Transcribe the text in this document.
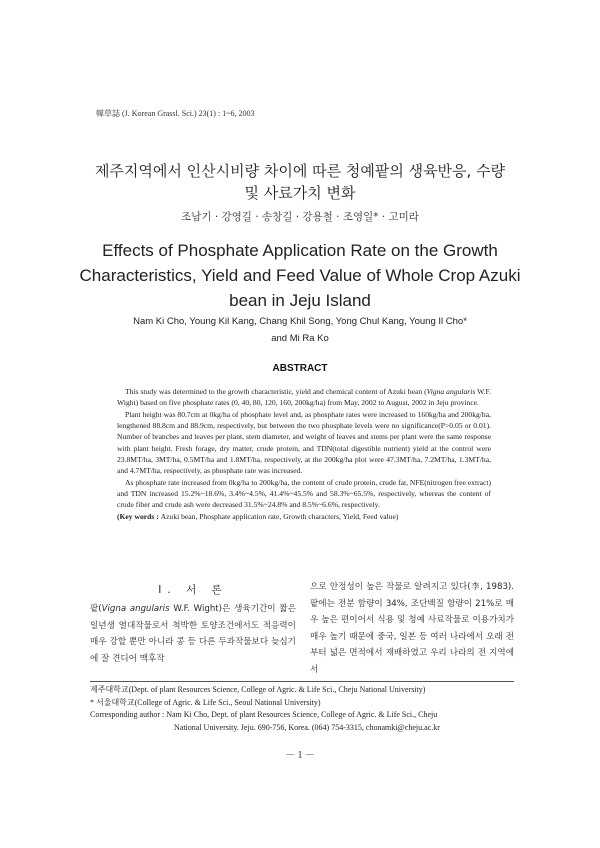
韓草誌 (J. Korean Grassl. Sci.) 23(1) : 1~6, 2003
제주지역에서 인산시비량 차이에 따른 청예팥의 생육반응, 수량 및 사료가치 변화
조남기 · 강영길 · 송창길 · 강용철 · 조영일* · 고미라
Effects of Phosphate Application Rate on the Growth
Characteristics, Yield and Feed Value of Whole Crop Azuki
bean in Jeju Island
Nam Ki Cho, Young Kil Kang, Chang Khil Song, Yong Chul Kang, Young Il Cho*
and Mi Ra Ko
ABSTRACT

This study was determined to the growth characteristic, yield and chemical content of Azuki bean (Vigna angularis W.F. Wight) based on five phosphate rates (0, 40, 80, 120, 160, 200kg/ha) from May, 2002 to August, 2002 in Jeju province.

Plant height was 80.7cm at 0kg/ha of phosphate level and, as phosphate rates were increased to 160kg/ha and 200kg/ha, lengthened 88.8cm and 88.9cm, respectively, but between the two phosphate levels were no significance(P>0.05 or 0.01). Number of branches and leaves per plant, stem diameter, and weight of leaves and stems per plant were the same response with plant height. Fresh forage, dry matter, crude protein, and TDN(total digestible nutrient) yield at the control were 23.8MT/ha, 3MT/ha, 0.5MT/ha and 1.8MT/ha, respectively, at the 200kg/ha plot were 47.3MT/ha, 7.2MT/ha, 1.3MT/ha, and 4.7MT/ha, respectively, as phosphate rate was increased.

As phosphate rate increased from 0kg/ha to 200kg/ha, the content of crude protein, crude fat, NFE(nitrogen free extract) and TDN increased 15.2%~18.6%, 3.4%~4.5%, 41.4%~45.5% and 58.3%~65.5%, respectively, whereas the content of crude fiber and crude ash were decreased 31.5%~24.8% and 8.5%~6.6%, respectively.

(Key words : Azuki bean, Phosphate application rate, Growth characters, Yield, Feed value)

Ⅰ. 서 론

팥(Vigna angularis W.F. Wight)은 생육기간이 짧은 일년생 열대작물로서 척박한 토양조건에서도 적응력이 매우 강할 뿐만 아니라 콩 등 다른 두과작물보다 늦심기에 잘 견디어 맥후작

으로 안정성이 높은 작물로 알려지고 있다(李, 1983). 팥에는 전분 함량이 34%, 조단백질 함량이 21%로 매우 높은 편이어서 식용 및 청예 사료작물로 이용가치가 매우 높기 때문에 중국, 일본 등 여러 나라에서 오래 전부터 넓은 면적에서 재배하였고 우리 나라의 전 지역에서

제주대학교(Dept. of plant Resources Science, College of Agric. & Life Sci., Cheju National University)
* 서울대학교(College of Agric. & Life Sci., Seoul National University)
Corresponding author : Nam Ki Cho, Dept. of plant Resources Science, College of Agric. & Life Sci., Cheju
National University. Jeju. 690-756, Korea. (064) 754-3315, chonamki@cheju.ac.kr
－ 1 －
